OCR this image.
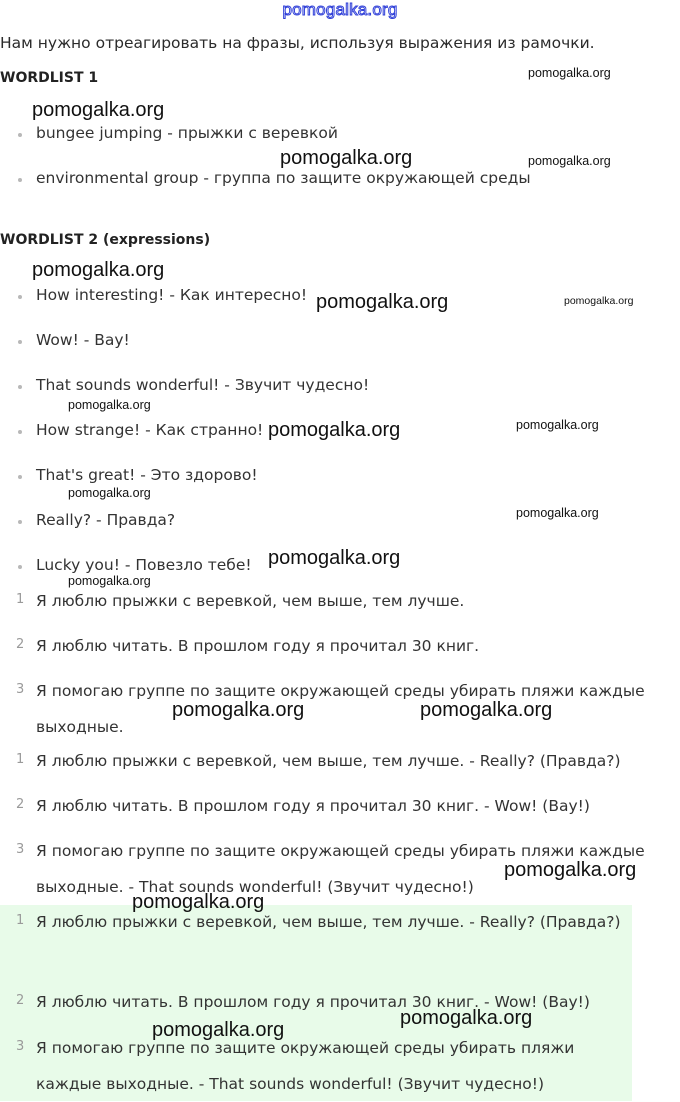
pomogalka.org
Нам нужно отреагировать на фразы, используя выражения из рамочки.
WORDLIST 1
bungee jumping - прыжки с веревкой
environmental group - группа по защите окружающей среды
WORDLIST 2 (expressions)
How interesting! - Как интересно!
Wow! - Вау!
That sounds wonderful! - Звучит чудесно!
How strange! - Как странно!
That's great! - Это здорово!
Really? - Правда?
Lucky you! - Повезло тебе!
1 Я люблю прыжки с веревкой, чем выше, тем лучше.
2 Я люблю читать. В прошлом году я прочитал 30 книг.
3 Я помогаю группе по защите окружающей среды убирать пляжи каждые выходные.
1 Я люблю прыжки с веревкой, чем выше, тем лучше. - Really? (Правда?)
2 Я люблю читать. В прошлом году я прочитал 30 книг. - Wow! (Вау!)
3 Я помогаю группе по защите окружающей среды убирать пляжи каждые выходные. - That sounds wonderful! (Звучит чудесно!)
1 Я люблю прыжки с веревкой, чем выше, тем лучше. - Really? (Правда?)
2 Я люблю читать. В прошлом году я прочитал 30 книг. - Wow! (Вау!)
3 Я помогаю группе по защите окружающей среды убирать пляжи каждые выходные. - That sounds wonderful! (Звучит чудесно!)
pomogalka.org
pomogalka.org
pomogalka.org	pomogalka.org
pomogalka.org
pomogalka.org	pomogalka.org
pomogalka.org
pomogalka.org	pomogalka.org
pomogalka.org
pomogalka.org
pomogalka.org
pomogalka.org
pomogalka.org	pomogalka.org
pomogalka.org
pomogalka.org
pomogalka.org
pomogalka.org
